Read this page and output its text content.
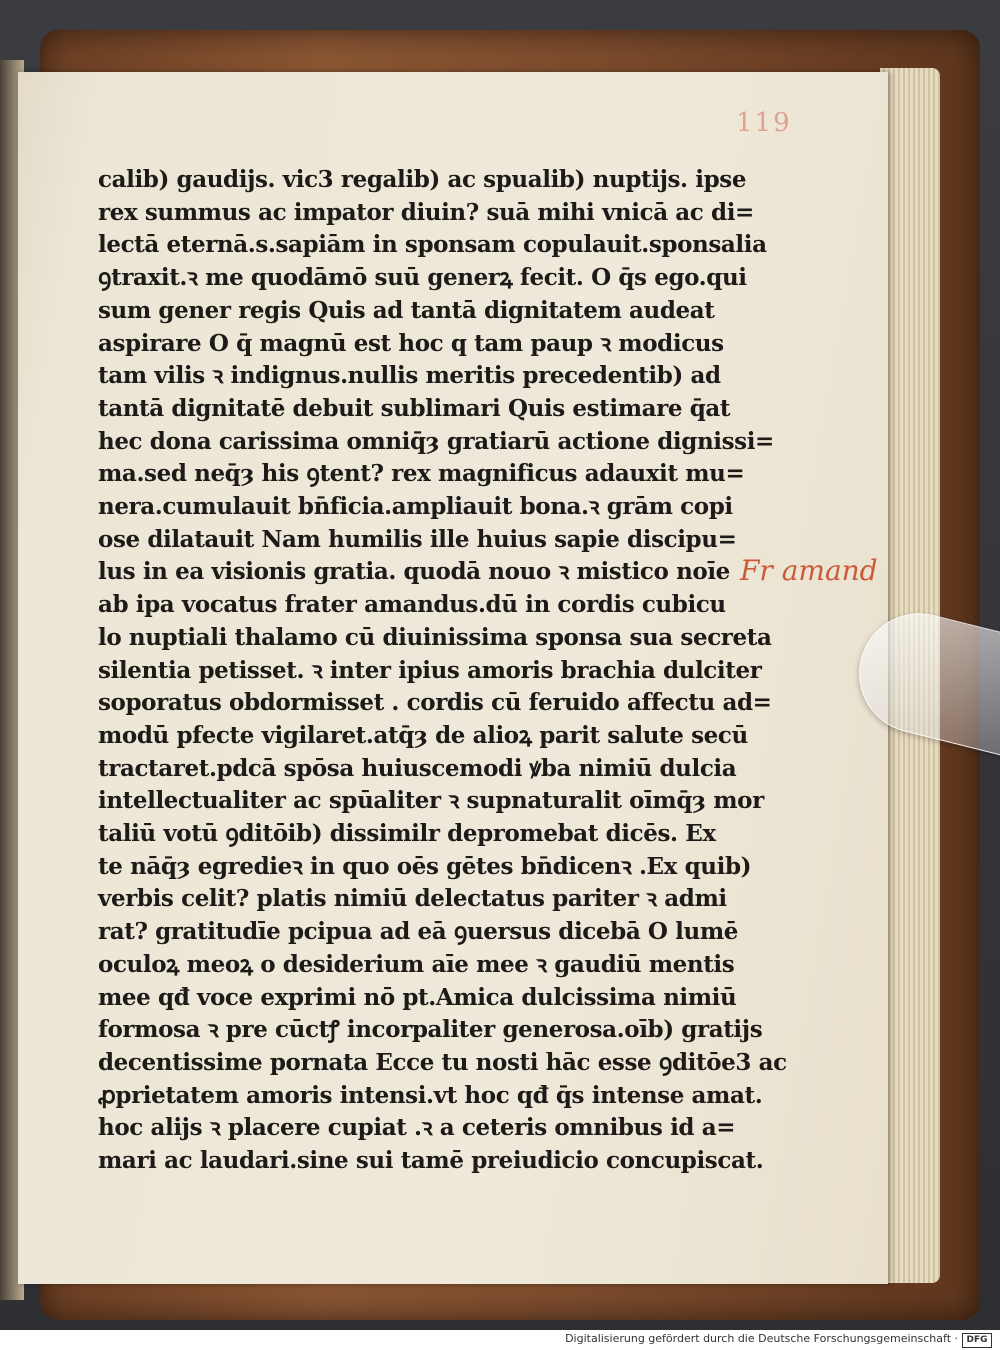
119
calib) gaudijs. vic3 regalib) ac spualib) nuptijs. ipse
rex summus ac impator diuin? suā mihi vnicā ac di=
lectā eternā.s.sapiām in sponsam copulauit.sponsalia
ꝯtraxit.ꝛ me quodāmō suū generꝝ fecit. O q̄s ego.qui
sum gener regis Quis ad tantā dignitatem audeat
aspirare O q̄ magnū est hoc q tam paup ꝛ modicus
tam vilis ꝛ indignus.nullis meritis precedentib) ad
tantā dignitatē debuit sublimari Quis estimare q̄at
hec dona carissima omniq̄ȝ gratiarū actione dignissi=
ma.sed neq̄ȝ his ꝯtent? rex magnificus adauxit mu=
nera.cumulauit bn̄ficia.ampliauit bona.ꝛ grām copi
ose dilatauit Nam humilis ille huius sapie discipu=
lus in ea visionis gratia. quodā nouo ꝛ mistico noīe
ab ipa vocatus frater amandus.dū in cordis cubicu
lo nuptiali thalamo cū diuinissima sponsa sua secreta
silentia petisset. ꝛ inter ipius amoris brachia dulciter
soporatus obdormisset . cordis cū feruido affectu ad=
modū pfecte vigilaret.atq̄ȝ de alioꝝ parit salute secū
tractaret.pdcā spōsa huiuscemodi ꝟba nimiū dulcia
intellectualiter ac spūaliter ꝛ supnaturalit oīmq̄ȝ mor
taliū votū ꝯditōib) dissimilr depromebat dicēs. Ex
te nāq̄ȝ egredieꝛ in quo oēs gētes bn̄dicenꝛ .Ex quib)
verbis celit? platis nimiū delectatus pariter ꝛ admi
rat? gratitudīe pcipua ad eā ꝯuersus dicebā O lumē
oculoꝝ meoꝝ o desiderium aīe mee ꝛ gaudiū mentis
mee qđ voce exprimi nō pt.Amica dulcissima nimiū
formosa ꝛ pre cūctꝭ incorpaliter generosa.oīb) gratijs
decentissime pornata Ecce tu nosti hāc esse ꝯditōe3 ac
ꝓprietatem amoris intensi.vt hoc qđ q̄s intense amat.
hoc alijs ꝛ placere cupiat .ꝛ a ceteris omnibus id a=
mari ac laudari.sine sui tamē preiudicio concupiscat.
Fr amand
Digitalisierung gefördert durch die Deutsche Forschungsgemeinschaft · DFG
